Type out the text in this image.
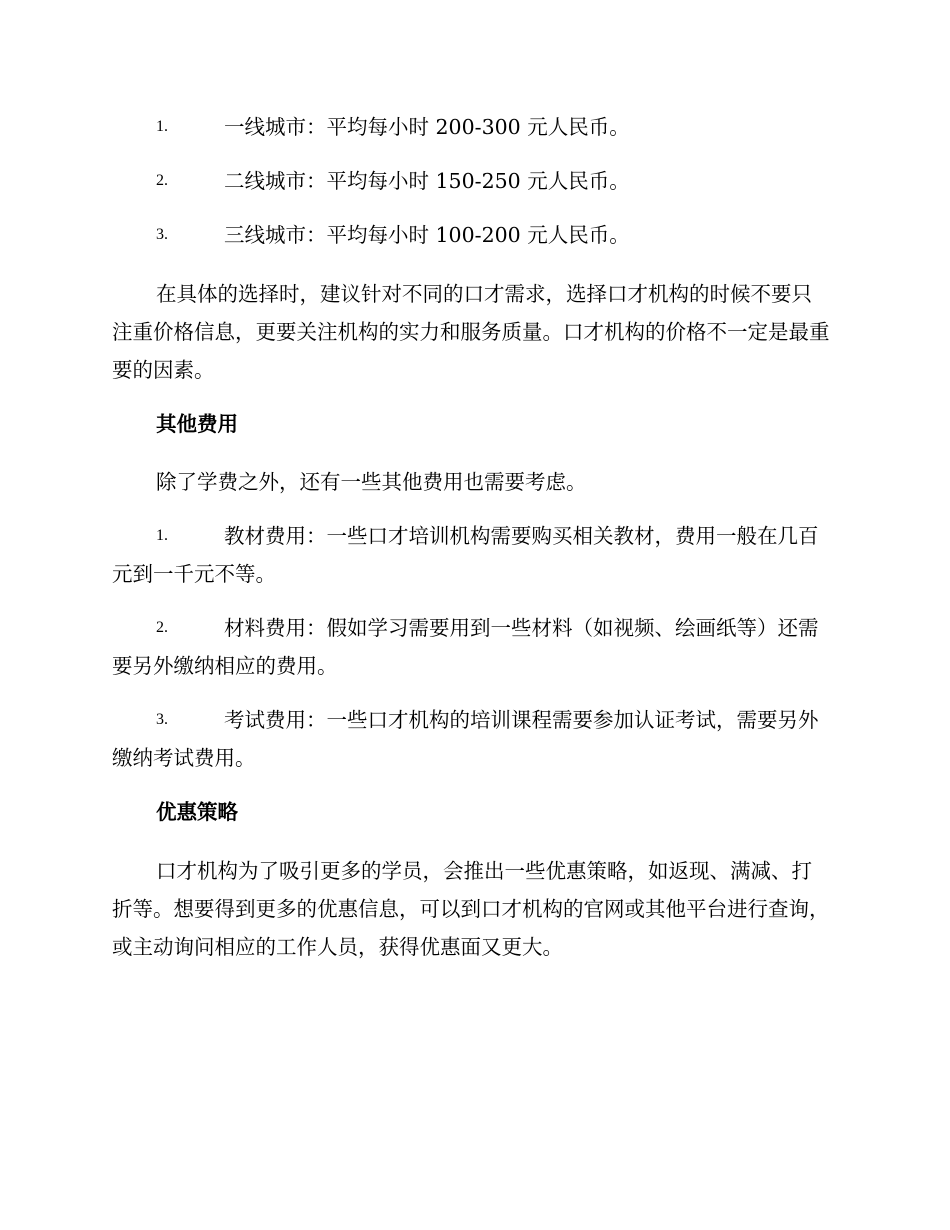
1.	一线城市：平均每小时 200-300 元人民币。
2.	二线城市：平均每小时 150-250 元人民币。
3.	三线城市：平均每小时 100-200 元人民币。

在具体的选择时，建议针对不同的口才需求，选择口才机构的时候不要只注重价格信息，更要关注机构的实力和服务质量。口才机构的价格不一定是最重要的因素。

其他费用

除了学费之外，还有一些其他费用也需要考虑。

1.	教材费用：一些口才培训机构需要购买相关教材，费用一般在几百元到一千元不等。
2.	材料费用：假如学习需要用到一些材料（如视频、绘画纸等）还需要另外缴纳相应的费用。
3.	考试费用：一些口才机构的培训课程需要参加认证考试，需要另外缴纳考试费用。
优惠策略

口才机构为了吸引更多的学员，会推出一些优惠策略，如返现、满减、打折等。想要得到更多的优惠信息，可以到口才机构的官网或其他平台进行查询，或主动询问相应的工作人员，获得优惠面又更大。
